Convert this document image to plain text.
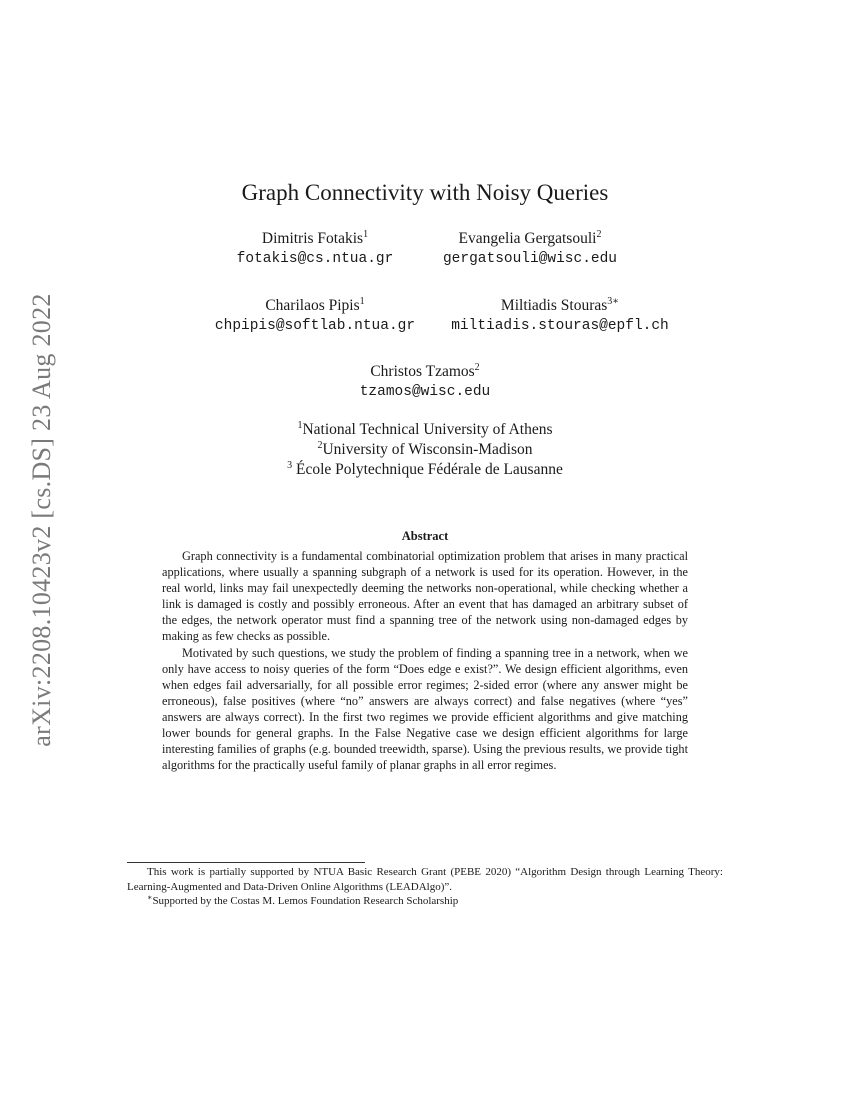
arXiv:2208.10423v2 [cs.DS] 23 Aug 2022
Graph Connectivity with Noisy Queries
Dimitris Fotakis$^1$
fotakis@cs.ntua.gr
Evangelia Gergatsouli$^2$
gergatsouli@wisc.edu
Charilaos Pipis$^1$
chpipis@softlab.ntua.gr
Miltiadis Stouras$^{3∗}$
miltiadis.stouras@epfl.ch
Christos Tzamos$^2$
tzamos@wisc.edu
$^1$National Technical University of Athens
$^2$University of Wisconsin-Madison
$^3$ École Polytechnique Fédérale de Lausanne
Abstract

Graph connectivity is a fundamental combinatorial optimization problem that arises in many practical applications, where usually a spanning subgraph of a network is used for its operation. However, in the real world, links may fail unexpectedly deeming the networks non-operational, while checking whether a link is damaged is costly and possibly erroneous. After an event that has damaged an arbitrary subset of the edges, the network operator must find a spanning tree of the network using non-damaged edges by making as few checks as possible.

Motivated by such questions, we study the problem of finding a spanning tree in a network, when we only have access to noisy queries of the form “Does edge e exist?”. We design efficient algorithms, even when edges fail adversarially, for all possible error regimes; 2-sided error (where any answer might be erroneous), false positives (where “no” answers are always correct) and false negatives (where “yes” answers are always correct). In the first two regimes we provide efficient algorithms and give matching lower bounds for general graphs. In the False Negative case we design efficient algorithms for large interesting families of graphs (e.g. bounded treewidth, sparse). Using the previous results, we provide tight algorithms for the practically useful family of planar graphs in all error regimes.

This work is partially supported by NTUA Basic Research Grant (PEBE 2020) “Algorithm Design through Learning Theory: Learning-Augmented and Data-Driven Online Algorithms (LEADAlgo)”.

∗Supported by the Costas M. Lemos Foundation Research Scholarship
